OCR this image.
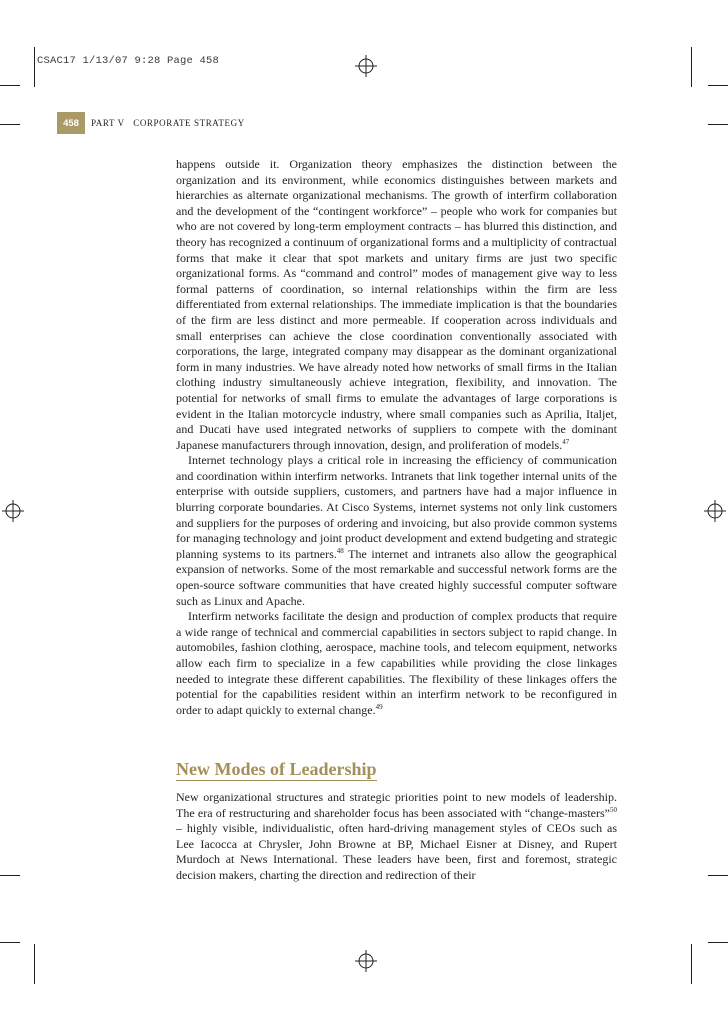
CSAC17 1/13/07 9:28 Page 458
458	PART V CORPORATE STRATEGY

happens outside it. Organization theory emphasizes the distinction between the organization and its environment, while economics distinguishes between markets and hierarchies as alternate organizational mechanisms. The growth of interfirm collaboration and the development of the “contingent workforce” – people who work for companies but who are not covered by long-term employment contracts – has blurred this distinction, and theory has recognized a continuum of organizational forms and a multiplicity of contractual forms that make it clear that spot markets and unitary firms are just two specific organizational forms. As “command and control” modes of management give way to less formal patterns of coordination, so internal relationships within the firm are less differentiated from external relationships. The immediate implication is that the boundaries of the firm are less distinct and more permeable. If cooperation across individuals and small enterprises can achieve the close coordination conventionally associated with corporations, the large, integrated company may disappear as the dominant organizational form in many industries. We have already noted how networks of small firms in the Italian clothing industry simultaneously achieve integration, flexibility, and innovation. The potential for networks of small firms to emulate the advantages of large corporations is evident in the Italian motorcycle industry, where small companies such as Aprilia, Italjet, and Ducati have used integrated networks of suppliers to compete with the dominant Japanese manufacturers through innovation, design, and proliferation of models.$^{47}$

Internet technology plays a critical role in increasing the efficiency of communication and coordination within interfirm networks. Intranets that link together internal units of the enterprise with outside suppliers, customers, and partners have had a major influence in blurring corporate boundaries. At Cisco Systems, internet systems not only link customers and suppliers for the purposes of ordering and invoicing, but also provide common systems for managing technology and joint product development and extend budgeting and strategic planning systems to its partners.$^{48}$ The internet and intranets also allow the geographical expansion of networks. Some of the most remarkable and successful network forms are the open-source software communities that have created highly successful computer software such as Linux and Apache.

Interfirm networks facilitate the design and production of complex products that require a wide range of technical and commercial capabilities in sectors subject to rapid change. In automobiles, fashion clothing, aerospace, machine tools, and telecom equipment, networks allow each firm to specialize in a few capabilities while providing the close linkages needed to integrate these different capabilities. The flexibility of these linkages offers the potential for the capabilities resident within an interfirm network to be reconfigured in order to adapt quickly to external change.$^{49}$

New Modes of Leadership

New organizational structures and strategic priorities point to new models of leadership. The era of restructuring and shareholder focus has been associated with “change-masters”$^{50}$ – highly visible, individualistic, often hard-driving management styles of CEOs such as Lee Iacocca at Chrysler, John Browne at BP, Michael Eisner at Disney, and Rupert Murdoch at News International. These leaders have been, first and foremost, strategic decision makers, charting the direction and redirection of their
